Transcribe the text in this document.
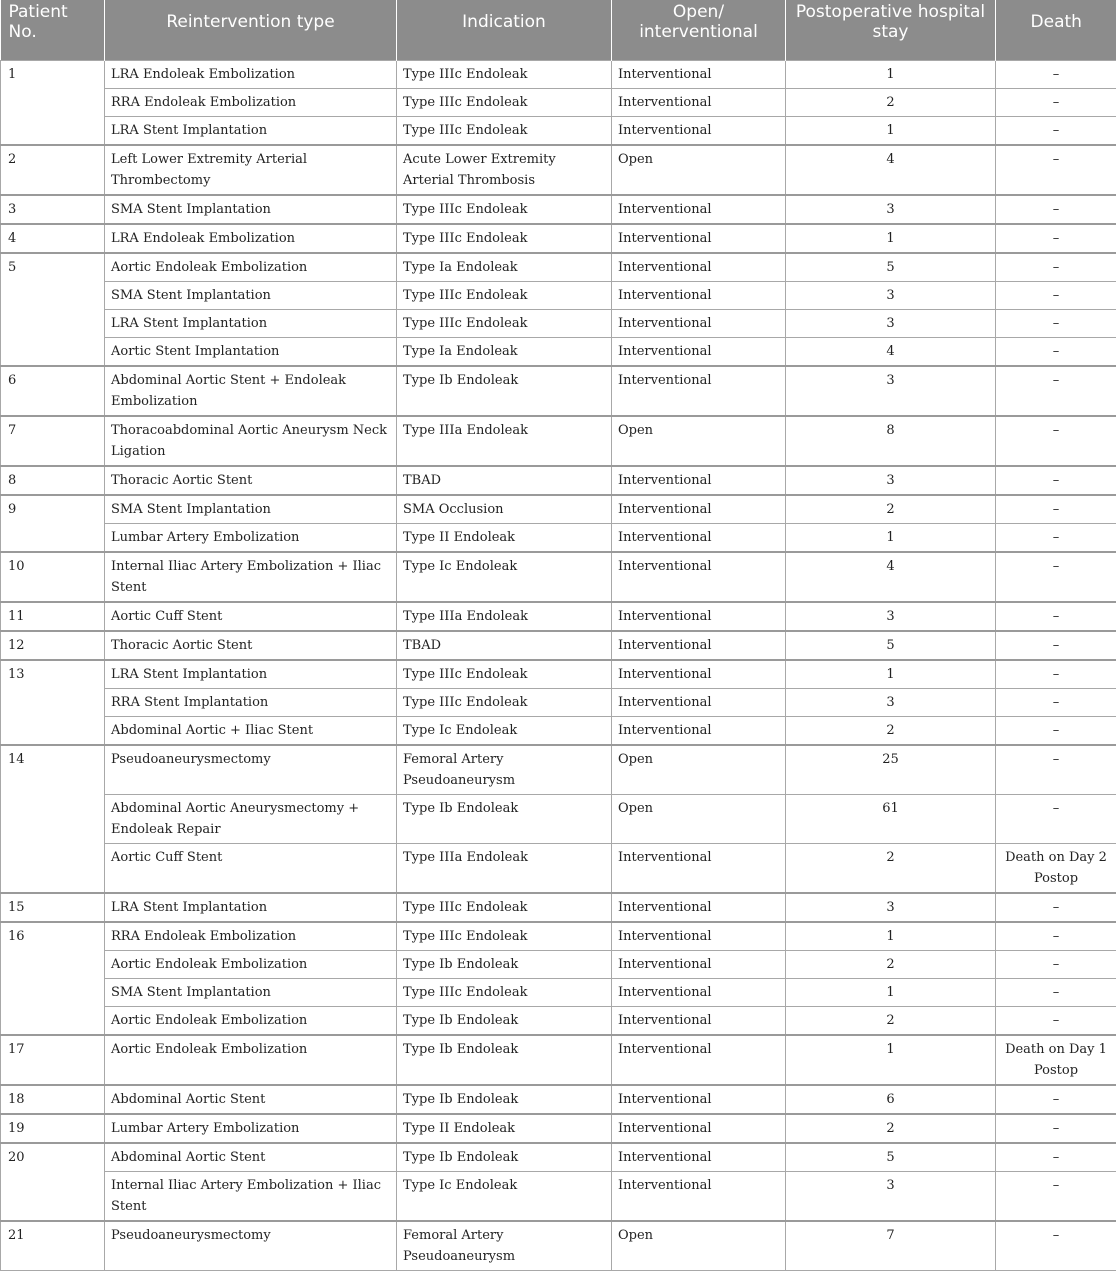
Patient No.	Reintervention type	Indication	Open/ interventional	Postoperative hospital stay	Death

1	LRA Endoleak Embolization	Type IIIc Endoleak	Interventional	1	–
	RRA Endoleak Embolization	Type IIIc Endoleak	Interventional	2	–
	LRA Stent Implantation	Type IIIc Endoleak	Interventional	1	–
2	Left Lower Extremity Arterial Thrombectomy	Acute Lower Extremity Arterial Thrombosis	Open	4	–
3	SMA Stent Implantation	Type IIIc Endoleak	Interventional	3	–
4	LRA Endoleak Embolization	Type IIIc Endoleak	Interventional	1	–
5	Aortic Endoleak Embolization	Type Ia Endoleak	Interventional	5	–
	SMA Stent Implantation	Type IIIc Endoleak	Interventional	3	–
	LRA Stent Implantation	Type IIIc Endoleak	Interventional	3	–
	Aortic Stent Implantation	Type Ia Endoleak	Interventional	4	–
6	Abdominal Aortic Stent + Endoleak Embolization	Type Ib Endoleak	Interventional	3	–
7	Thoracoabdominal Aortic Aneurysm Neck Ligation	Type IIIa Endoleak	Open	8	–
8	Thoracic Aortic Stent	TBAD	Interventional	3	–
9	SMA Stent Implantation	SMA Occlusion	Interventional	2	–
	Lumbar Artery Embolization	Type II Endoleak	Interventional	1	–
10	Internal Iliac Artery Embolization + Iliac Stent	Type Ic Endoleak	Interventional	4	–
11	Aortic Cuff Stent	Type IIIa Endoleak	Interventional	3	–
12	Thoracic Aortic Stent	TBAD	Interventional	5	–
13	LRA Stent Implantation	Type IIIc Endoleak	Interventional	1	–
	RRA Stent Implantation	Type IIIc Endoleak	Interventional	3	–
	Abdominal Aortic + Iliac Stent	Type Ic Endoleak	Interventional	2	–
14	Pseudoaneurysmectomy	Femoral Artery Pseudoaneurysm	Open	25	–
	Abdominal Aortic Aneurysmectomy + Endoleak Repair	Type Ib Endoleak	Open	61	–
	Aortic Cuff Stent	Type IIIa Endoleak	Interventional	2	Death on Day 2 Postop
15	LRA Stent Implantation	Type IIIc Endoleak	Interventional	3	–
16	RRA Endoleak Embolization	Type IIIc Endoleak	Interventional	1	–
	Aortic Endoleak Embolization	Type Ib Endoleak	Interventional	2	–
	SMA Stent Implantation	Type IIIc Endoleak	Interventional	1	–
	Aortic Endoleak Embolization	Type Ib Endoleak	Interventional	2	–
17	Aortic Endoleak Embolization	Type Ib Endoleak	Interventional	1	Death on Day 1 Postop
18	Abdominal Aortic Stent	Type Ib Endoleak	Interventional	6	–
19	Lumbar Artery Embolization	Type II Endoleak	Interventional	2	–
20	Abdominal Aortic Stent	Type Ib Endoleak	Interventional	5	–
	Internal Iliac Artery Embolization + Iliac Stent	Type Ic Endoleak	Interventional	3	–
21	Pseudoaneurysmectomy	Femoral Artery Pseudoaneurysm	Open	7	–
